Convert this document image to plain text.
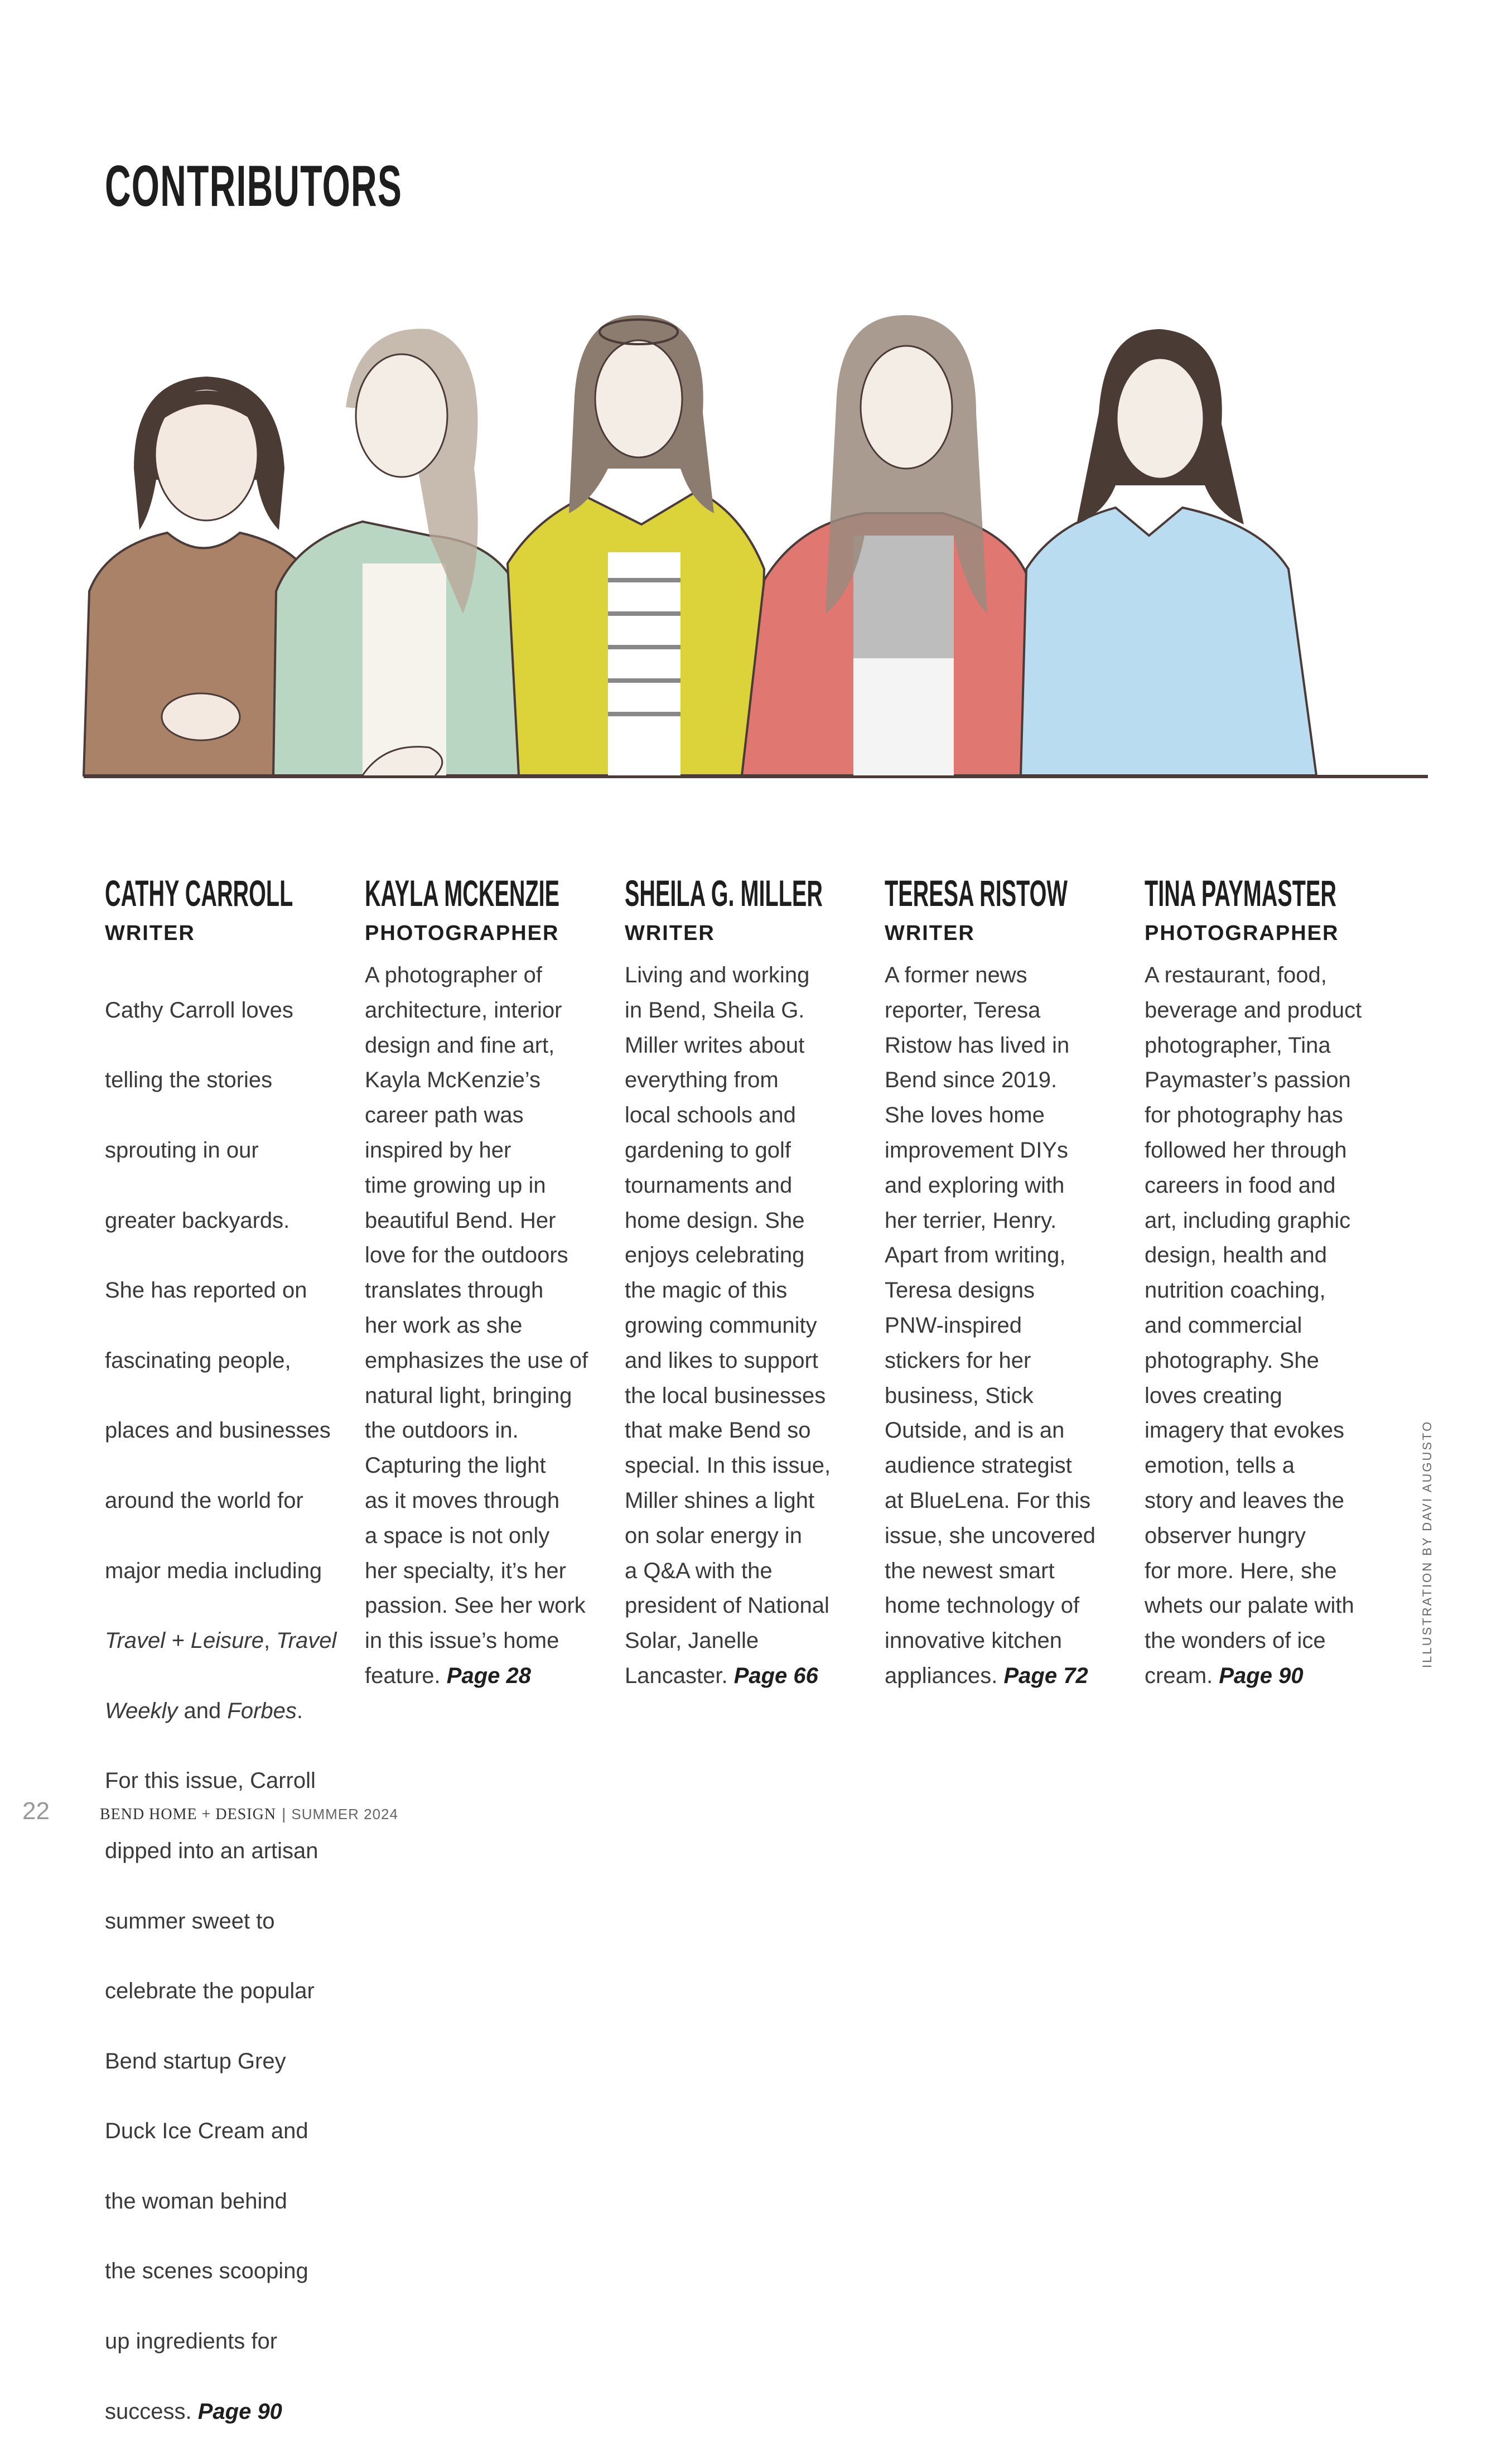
CONTRIBUTORS
CATHY CARROLL
WRITER

Cathy Carroll loves

telling the stories

sprouting in our

greater backyards.

She has reported on

fascinating people,

places and businesses

around the world for

major media including

Travel + Leisure, Travel

Weekly and Forbes.

For this issue, Carroll

dipped into an artisan

summer sweet to

celebrate the popular

Bend startup Grey

Duck Ice Cream and

the woman behind

the scenes scooping

up ingredients for

success. Page 90

KAYLA MCKENZIE
PHOTOGRAPHER

A photographer of
architecture, interior
design and fine art,
Kayla McKenzie’s
career path was
inspired by her
time growing up in
beautiful Bend. Her
love for the outdoors
translates through
her work as she
emphasizes the use of
natural light, bringing
the outdoors in.
Capturing the light
as it moves through
a space is not only
her specialty, it’s her
passion. See her work
in this issue’s home
feature. Page 28

SHEILA G. MILLER
WRITER

Living and working
in Bend, Sheila G.
Miller writes about
everything from
local schools and
gardening to golf
tournaments and
home design. She
enjoys celebrating
the magic of this
growing community
and likes to support
the local businesses
that make Bend so
special. In this issue,
Miller shines a light
on solar energy in
a Q&A with the
president of National
Solar, Janelle
Lancaster. Page 66

TERESA RISTOW
WRITER

A former news
reporter, Teresa
Ristow has lived in
Bend since 2019.
She loves home
improvement DIYs
and exploring with
her terrier, Henry.
Apart from writing,
Teresa designs
PNW-inspired
stickers for her
business, Stick
Outside, and is an
audience strategist
at BlueLena. For this
issue, she uncovered
the newest smart
home technology of
innovative kitchen
appliances. Page 72

TINA PAYMASTER
PHOTOGRAPHER

A restaurant, food,
beverage and product
photographer, Tina
Paymaster’s passion
for photography has
followed her through
careers in food and
art, including graphic
design, health and
nutrition coaching,
and commercial
photography. She
loves creating
imagery that evokes
emotion, tells a
story and leaves the
observer hungry
for more. Here, she
whets our palate with
the wonders of ice
cream. Page 90

ILLUSTRATION BY DAVI AUGUSTO
22	BEND HOME + DESIGN | SUMMER 2024
